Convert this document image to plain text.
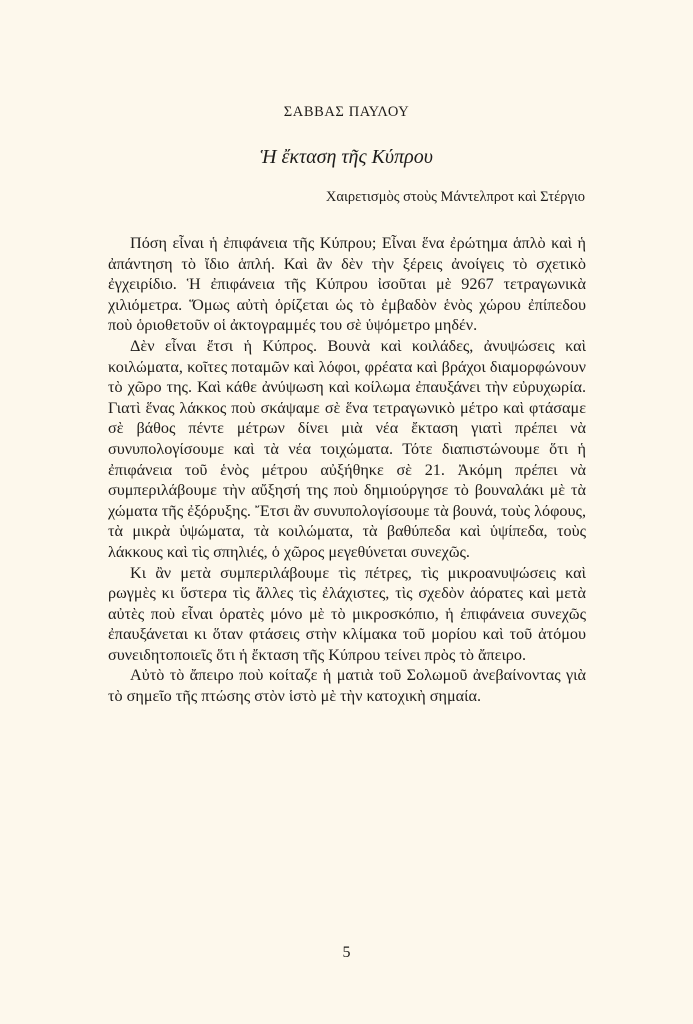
ΣΑΒΒΑΣ ΠΑΥΛΟΥ
Ἡ ἔκταση τῆς Κύπρου
Χαιρετισμὸς στοὺς Μάντελπροτ καὶ Στέργιο

Πόση εἶναι ἡ ἐπιφάνεια τῆς Κύπρου; Εἶναι ἕνα ἐρώτημα ἁπλὸ καὶ ἡ ἀπάντηση τὸ ἴδιο ἁπλή. Καὶ ἂν δὲν τὴν ξέρεις ἀνοίγεις τὸ σχετικὸ ἐγχειρίδιο. Ἡ ἐπιφάνεια τῆς Κύπρου ἰσοῦται μὲ 9267 τετραγωνικὰ χιλιόμετρα. Ὅμως αὐτὴ ὁρίζεται ὡς τὸ ἐμβαδὸν ἑνὸς χώρου ἐπίπεδου ποὺ ὁριοθετοῦν οἱ ἀκτογραμμές του σὲ ὑψόμετρο μηδέν.

Δὲν εἶναι ἔτσι ἡ Κύπρος. Βουνὰ καὶ κοιλάδες, ἀνυψώσεις καὶ κοιλώματα, κοῖτες ποταμῶν καὶ λόφοι, φρέατα καὶ βράχοι διαμορφώνουν τὸ χῶρο της. Καὶ κάθε ἀνύψωση καὶ κοίλωμα ἐπαυξάνει τὴν εὐρυχωρία. Γιατὶ ἕνας λάκκος ποὺ σκάψαμε σὲ ἕνα τετραγωνικὸ μέτρο καὶ φτάσαμε σὲ βάθος πέντε μέτρων δίνει μιὰ νέα ἔκταση γιατὶ πρέπει νὰ συνυπολογίσουμε καὶ τὰ νέα τοιχώματα. Τότε διαπιστώνουμε ὅτι ἡ ἐπιφάνεια τοῦ ἑνὸς μέτρου αὐξήθηκε σὲ 21. Ἀκόμη πρέπει νὰ συμπεριλάβουμε τὴν αὔξησή της ποὺ δημιούργησε τὸ βουναλάκι μὲ τὰ χώματα τῆς ἐξόρυξης. Ἔτσι ἂν συνυπολογίσουμε τὰ βουνά, τοὺς λόφους, τὰ μικρὰ ὑψώματα, τὰ κοιλώματα, τὰ βαθύπεδα καὶ ὑψίπεδα, τοὺς λάκκους καὶ τὶς σπηλιές, ὁ χῶρος μεγεθύνεται συνεχῶς.

Κι ἂν μετὰ συμπεριλάβουμε τὶς πέτρες, τὶς μικροανυψώσεις καὶ ρωγμὲς κι ὕστερα τὶς ἄλλες τὶς ἐλάχιστες, τὶς σχεδὸν ἀόρατες καὶ μετὰ αὐτὲς ποὺ εἶναι ὁρατὲς μόνο μὲ τὸ μικροσκόπιο, ἡ ἐπιφάνεια συνεχῶς ἐπαυξάνεται κι ὅταν φτάσεις στὴν κλίμακα τοῦ μορίου καὶ τοῦ ἀτόμου συνειδητοποιεῖς ὅτι ἡ ἔκταση τῆς Κύπρου τείνει πρὸς τὸ ἄπειρο.

Αὐτὸ τὸ ἄπειρο ποὺ κοίταζε ἡ ματιὰ τοῦ Σολωμοῦ ἀνεβαίνοντας γιὰ τὸ σημεῖο τῆς πτώσης στὸν ἱστὸ μὲ τὴν κατοχικὴ σημαία.

5
